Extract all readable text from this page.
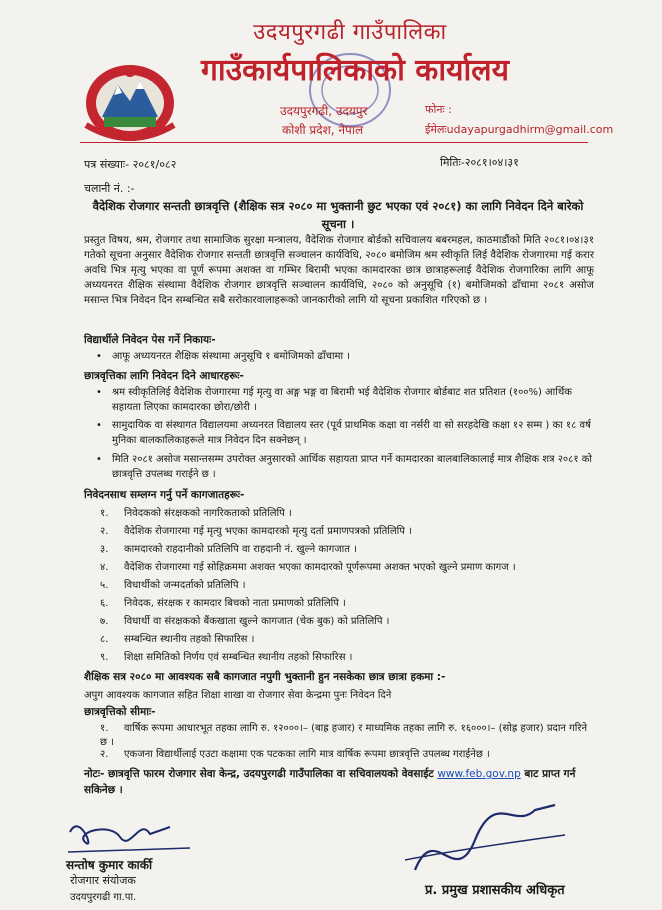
उदयपुरगढी गाउँपालिका
गाउँकार्यपालिकाको कार्यालय
उदयपुरगढी, उदयपुर
कोशी प्रदेश, नेपाल
फोनः :
ईमेलःudayapurgadhirm@gmail.com
पत्र संख्याः- २०८१/०८२	मितिः-२०८१।०४।३१
चलानी नं. :-
वैदेशिक रोजगार सन्तती छात्रवृत्ति (शैक्षिक सत्र २०८० मा भुक्तानी छुट भएका एवं २०८१) का लागि निवेदन दिने बारेको सूचना ।
प्रस्तुत विषय, श्रम, रोजगार तथा सामाजिक सुरक्षा मन्त्रालय, वैदेशिक रोजगार बोर्डको सचिवालय बबरमहल, काठमाडौंको मिति २०८१।०४।३१ गतेको सूचना अनुसार वैदेशिक रोजगार सन्तती छात्रवृत्ति सञ्चालन कार्यविधि, २०८० बमोजिम श्रम स्वीकृति लिई वैदेशिक रोजगारमा गई करार अवधि भित्र मृत्यु भएका वा पूर्ण रूपमा अशक्त वा गम्भिर बिरामी भएका कामदारका छात्र छात्राहरूलाई वैदेशिक रोजगारिका लागि आफू अध्ययनरत शैक्षिक संस्थामा वैदेशिक रोजगार छात्रवृत्ति सञ्चालन कार्यविधि, २०८० को अनुसूचि (१) बमोजिमको ढाँचामा २०८१ असोज मसान्त भित्र निवेदन दिन सम्बन्धित सबै सरोकारवालाहरूको जानकारीको लागि यो सूचना प्रकाशित गरिएको छ ।
विद्यार्थीले निवेदन पेस गर्ने निकायः-
• आफू अध्ययनरत शैक्षिक संस्थामा अनुसूचि १ बमोजिमको ढाँचामा ।
छात्रवृत्तिका लागि निवेदन दिने आधारहरूः-
• श्रम स्वीकृतिलिई वैदेशिक रोजगारमा गई मृत्यु वा अङ्ग भङ्ग वा बिरामी भई वैदेशिक रोजगार बोर्डबाट शत प्रतिशत (१००%) आर्थिक सहायता लिएका कामदारका छोरा/छोरी ।
• सामुदायिक वा संस्थागत विद्यालयमा अध्यनरत विद्यालय स्तर (पूर्व प्राथमिक कक्षा वा नर्सरी वा सो सरहदेखि कक्षा १२ सम्म ) का १८ वर्ष मुनिका बालकालिकाहरूले मात्र निवेदन दिन सक्नेछन् ।
• मिति २०८१ असोज मसान्तसम्म उपरोक्त अनुसारको आर्थिक सहायता प्राप्त गर्ने कामदारका बालबालिकालाई मात्र शैक्षिक शत्र २०८१ को छात्रवृत्ति उपलब्ध गराईने छ ।
निवेदनसाथ सम्लग्न गर्नु पर्ने कागजातहरूः-
१. निवेदकको संरक्षकको नागरिकताको प्रतिलिपि ।
२. वैदेशिक रोजगारमा गई मृत्यु भएका कामदारको मृत्यु दर्ता प्रमाणपत्रको प्रतिलिपि ।
३. कामदारको राहदानीको प्रतिलिपि वा राहदानी नं. खुल्ने कागजात ।
४. वैदेशिक रोजगारमा गई सोहिक्रममा अशक्त भएका कामदारको पूर्णरूपमा अशक्त भएको खुल्ने प्रमाण कागज ।
५. विधार्थीको जन्मदर्ताको प्रतिलिपि ।
६. निवेदक, संरक्षक र कामदार बिचको नाता प्रमाणको प्रतिलिपि ।
७. विधार्थी वा संरक्षकको बैंकखाता खुल्ने कागजात (चेक बुक) को प्रतिलिपि ।
८. सम्बन्धित स्थानीय तहको सिफारिस ।
९. शिक्षा समितिको निर्णय एवं सम्बन्धित स्थानीय तहको सिफारिस ।
शैक्षिक सत्र २०८० मा आवश्यक सबै कागजात नपुगी भुक्तानी हुन नसकेका छात्र छात्रा हकमा :-
अपुग आवश्यक कागजात सहित शिक्षा शाखा वा रोजगार सेवा केन्द्रमा पुनः निवेदन दिने
छात्रवृत्तिको सीमाः-
१. वार्षिक रूपमा आधारभूत तहका लागि रु. १२०००।– (बाह्र हजार) र माध्यमिक तहका लागि रु. १६०००।– (सोह्र हजार) प्रदान गरिने छ ।
२. एकजना विद्यार्थीलाई एउटा कक्षामा एक पटकका लागि मात्र वार्षिक रूपमा छात्रवृत्ति उपलब्ध गराईनेछ ।
नोटः- छात्रवृत्ति फारम रोजगार सेवा केन्द्र, उदयपुरगढी गाउँपालिका वा सचिवालयको वेवसाईट www.feb.gov.np बाट प्राप्त गर्न सकिनेछ ।
सन्तोष कुमार कार्की
रोजगार संयोजक
उदयपुरगढी गा.पा.	प्र. प्रमुख प्रशासकीय अधिकृत
